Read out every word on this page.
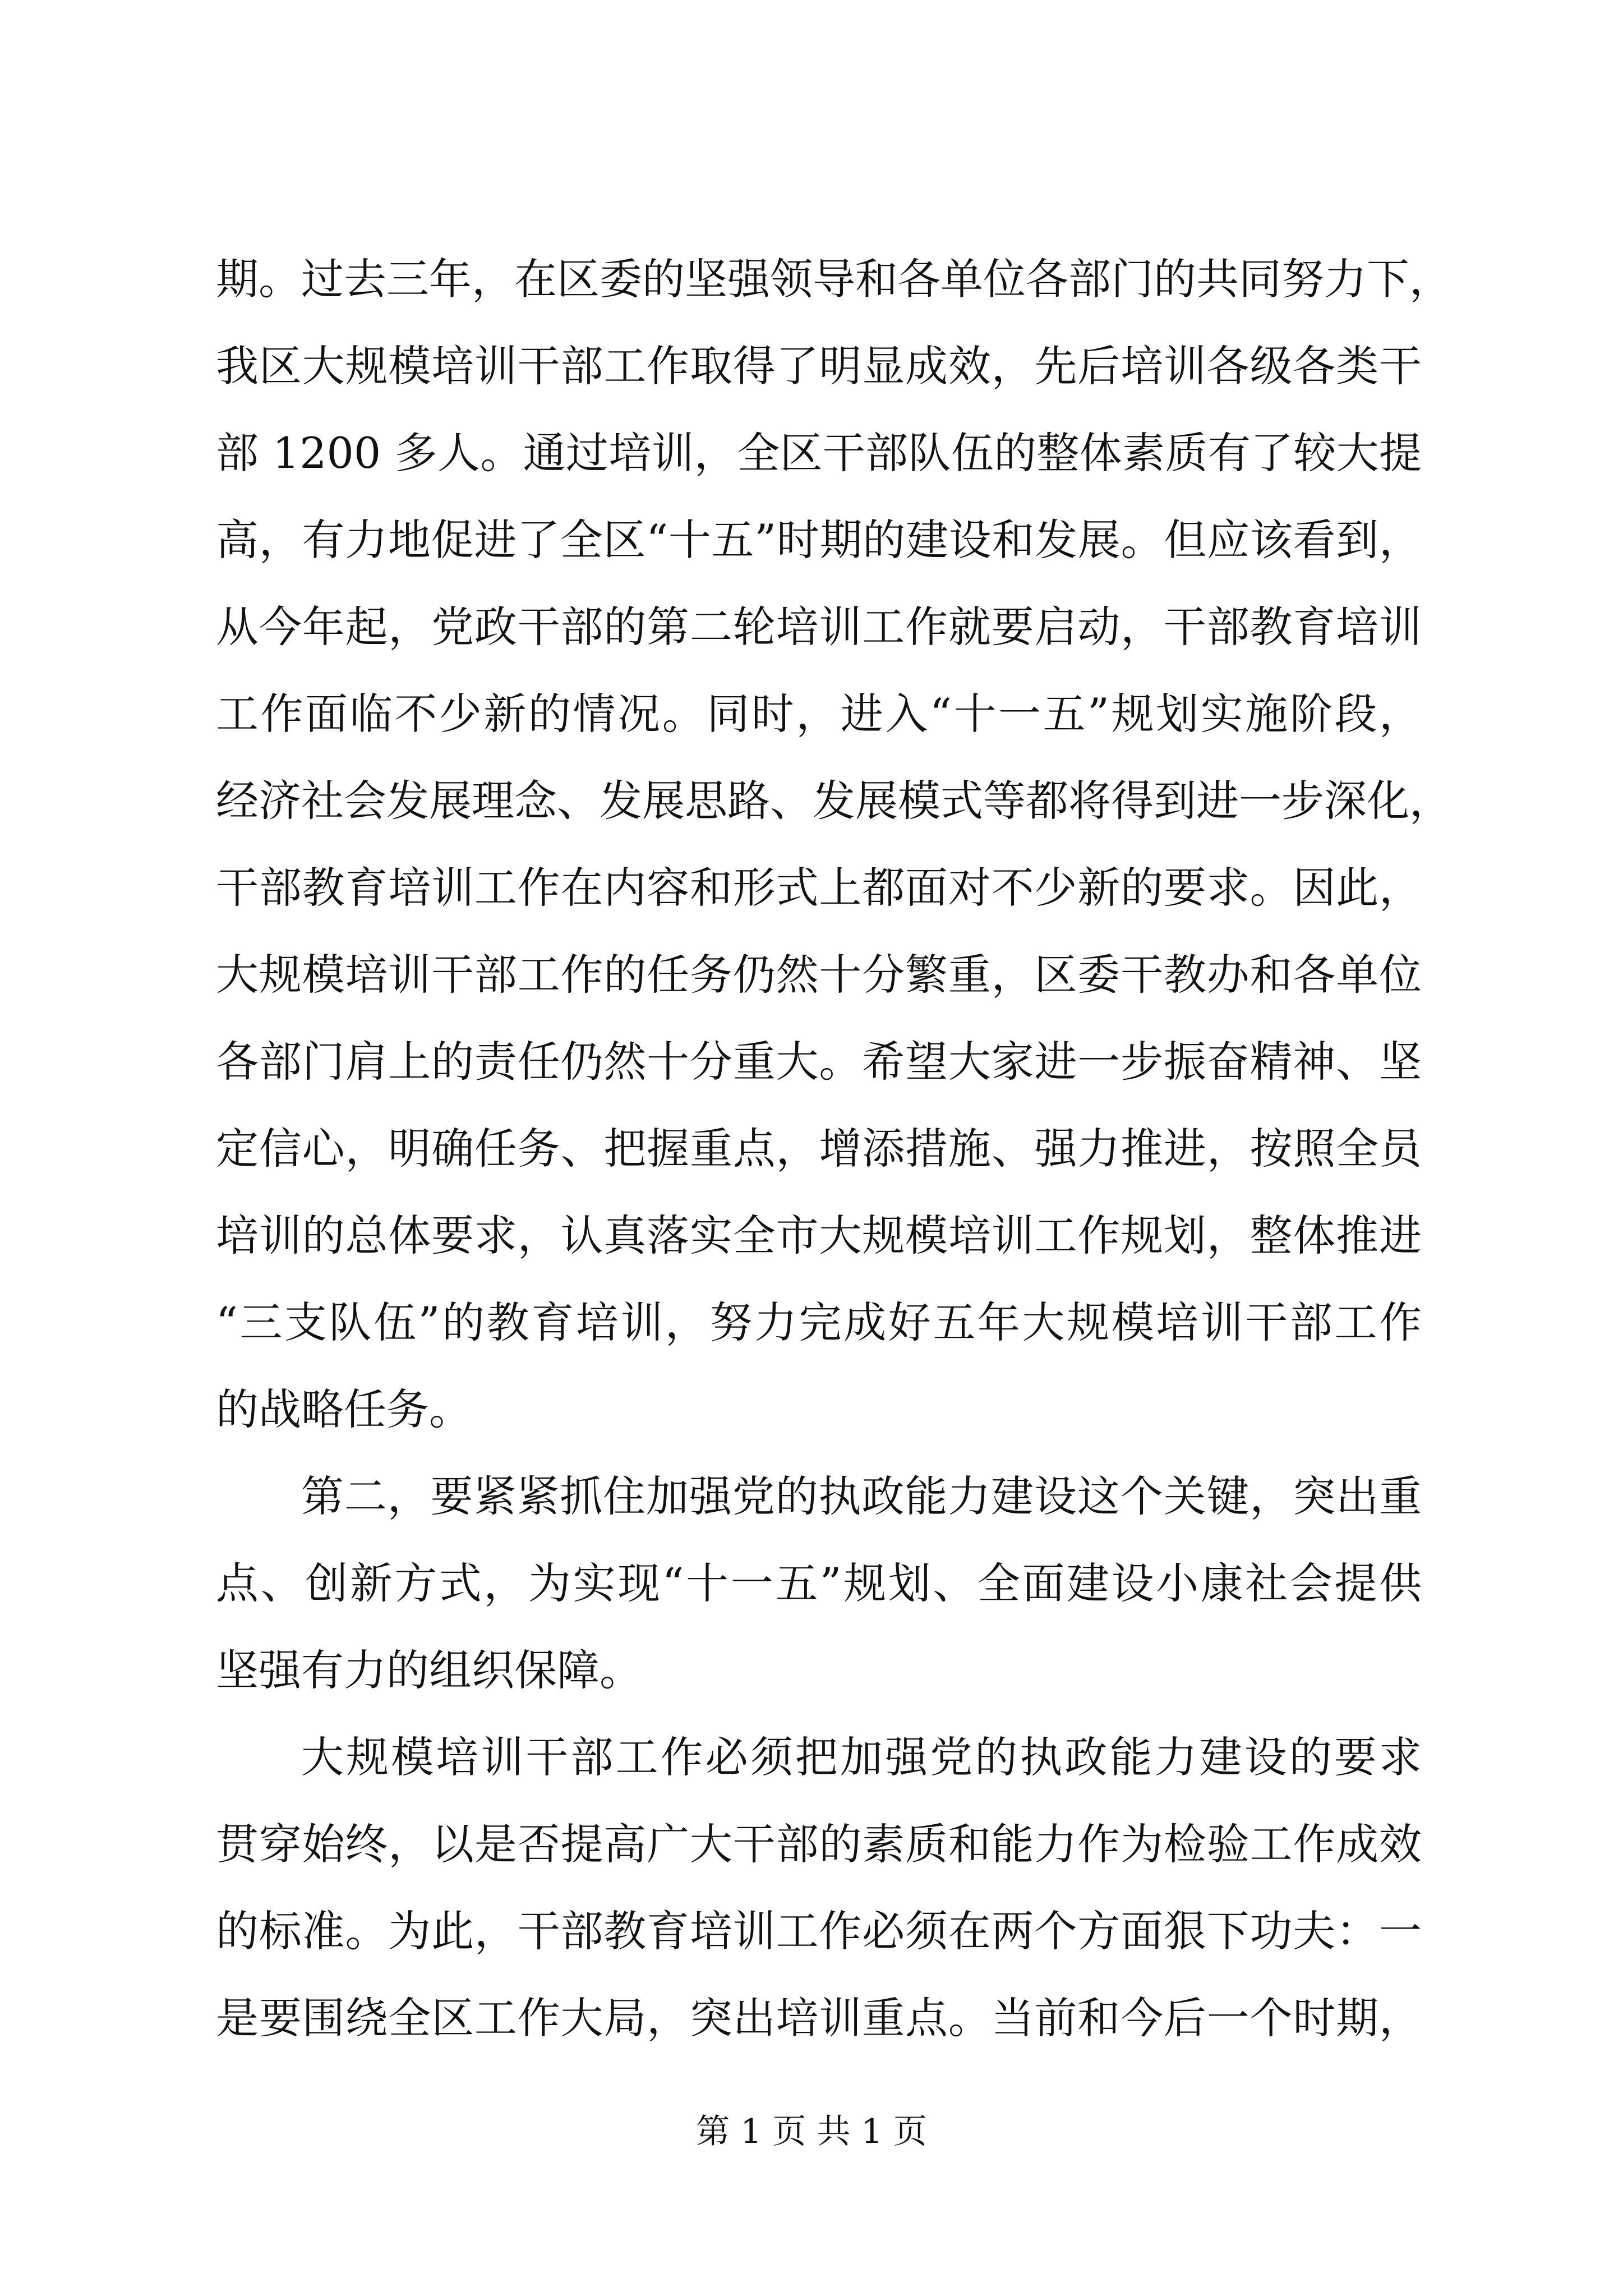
期。过去三年，在区委的坚强领导和各单位各部门的共同努力下，
我区大规模培训干部工作取得了明显成效，先后培训各级各类干
部 1200 多人。通过培训，全区干部队伍的整体素质有了较大提
高，有力地促进了全区“十五”时期的建设和发展。但应该看到，
从今年起，党政干部的第二轮培训工作就要启动，干部教育培训
工作面临不少新的情况。同时，进入“十一五”规划实施阶段，
经济社会发展理念、发展思路、发展模式等都将得到进一步深化，
干部教育培训工作在内容和形式上都面对不少新的要求。因此，
大规模培训干部工作的任务仍然十分繁重，区委干教办和各单位
各部门肩上的责任仍然十分重大。希望大家进一步振奋精神、坚
定信心，明确任务、把握重点，增添措施、强力推进，按照全员
培训的总体要求，认真落实全市大规模培训工作规划，整体推进
“三支队伍”的教育培训，努力完成好五年大规模培训干部工作
的战略任务。
第二，要紧紧抓住加强党的执政能力建设这个关键，突出重
点、创新方式，为实现“十一五”规划、全面建设小康社会提供
坚强有力的组织保障。
大规模培训干部工作必须把加强党的执政能力建设的要求
贯穿始终，以是否提高广大干部的素质和能力作为检验工作成效
的标准。为此，干部教育培训工作必须在两个方面狠下功夫：一
是要围绕全区工作大局，突出培训重点。当前和今后一个时期，
第 1 页 共 1 页
